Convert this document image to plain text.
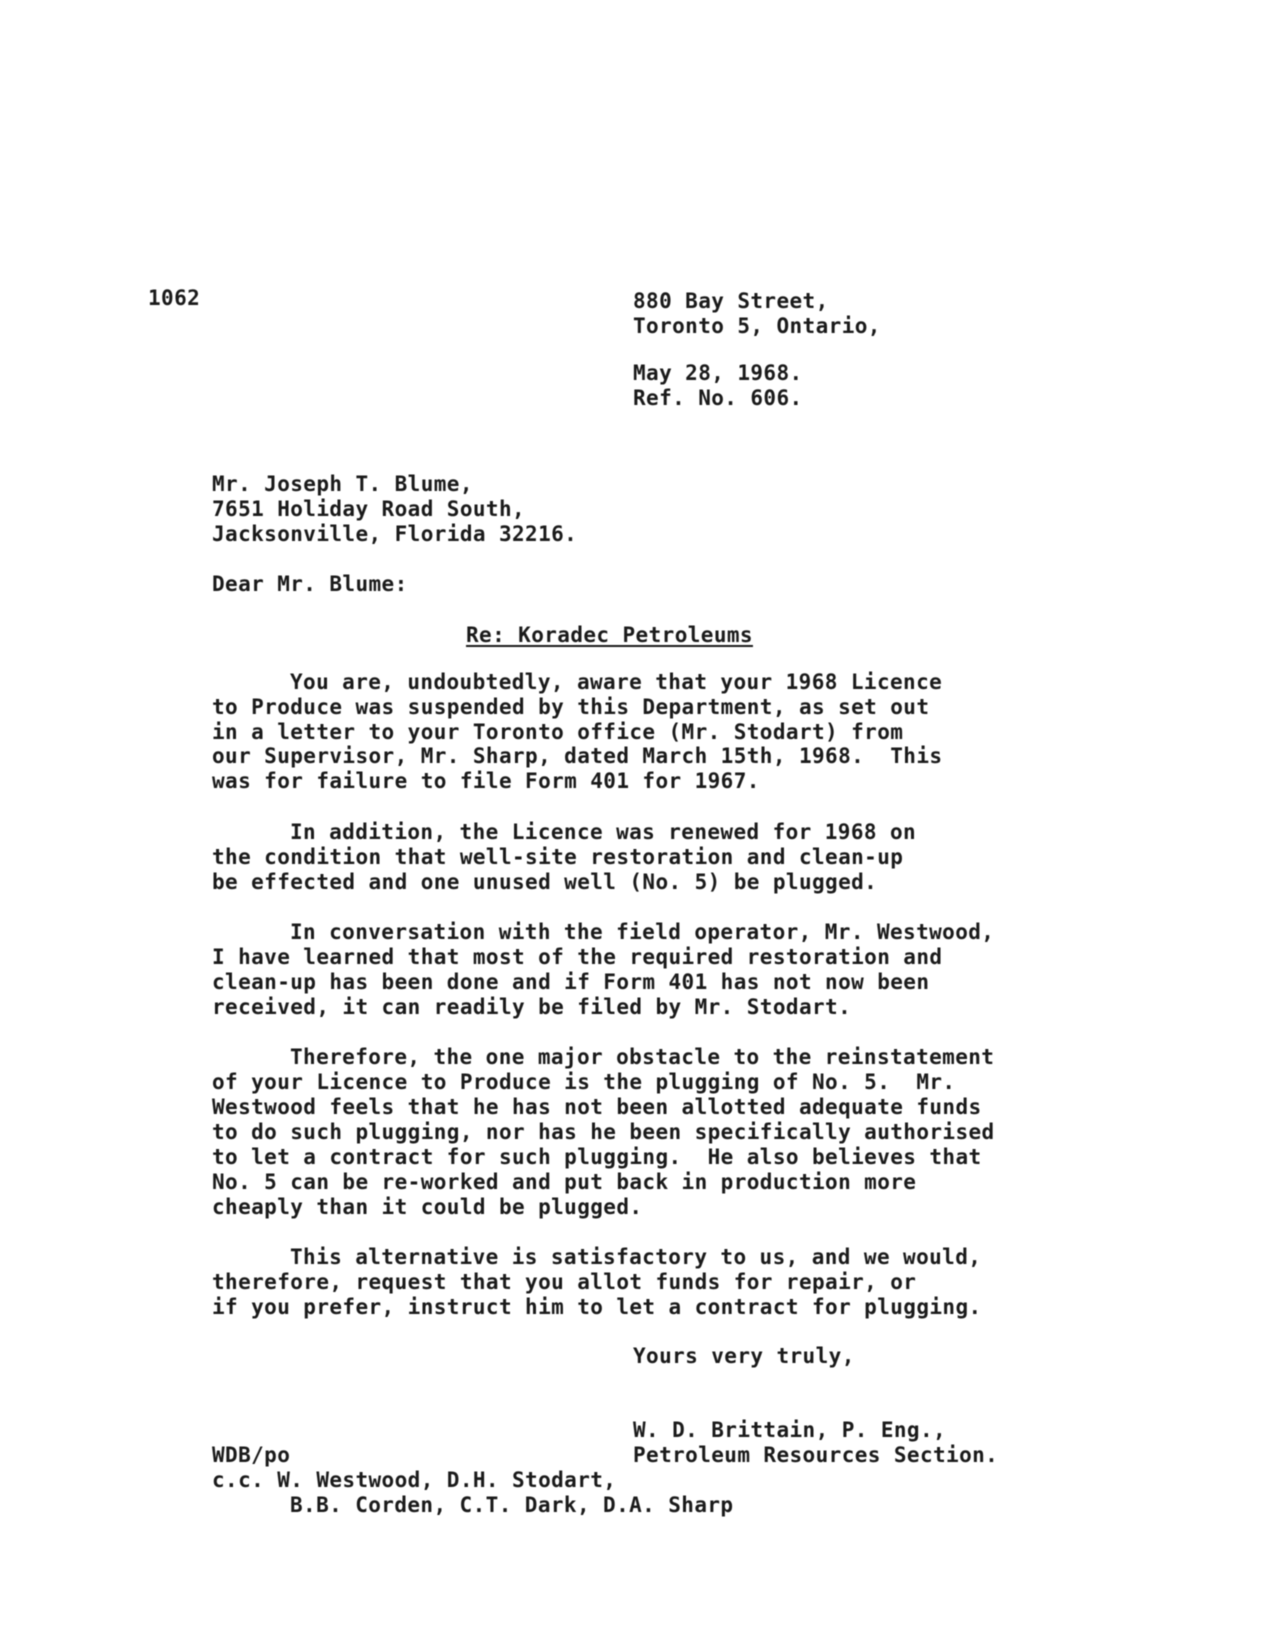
1062	880 Bay Street,
Toronto 5, Ontario,
May 28, 1968.
Ref. No. 606.
Mr. Joseph T. Blume,
7651 Holiday Road South,
Jacksonville, Florida 32216.
Dear Mr. Blume:
Re: Koradec Petroleums
You are, undoubtedly, aware that your 1968 Licence
to Produce was suspended by this Department, as set out
in a letter to your Toronto office (Mr. Stodart) from
our Supervisor, Mr. Sharp, dated March 15th, 1968.  This
was for failure to file Form 401 for 1967.
In addition, the Licence was renewed for 1968 on
the condition that well-site restoration and clean-up
be effected and one unused well (No. 5) be plugged.
In conversation with the field operator, Mr. Westwood,
I have learned that most of the required restoration and
clean-up has been done and if Form 401 has not now been
received, it can readily be filed by Mr. Stodart.
Therefore, the one major obstacle to the reinstatement
of your Licence to Produce is the plugging of No. 5.  Mr.
Westwood feels that he has not been allotted adequate funds
to do such plugging, nor has he been specifically authorised
to let a contract for such plugging.  He also believes that
No. 5 can be re-worked and put back in production more
cheaply than it could be plugged.
This alternative is satisfactory to us, and we would,
therefore, request that you allot funds for repair, or
if you prefer, instruct him to let a contract for plugging.
Yours very truly,
W. D. Brittain, P. Eng.,
Petroleum Resources Section.
WDB/po
c.c. W. Westwood, D.H. Stodart,
B.B. Corden, C.T. Dark, D.A. Sharp
